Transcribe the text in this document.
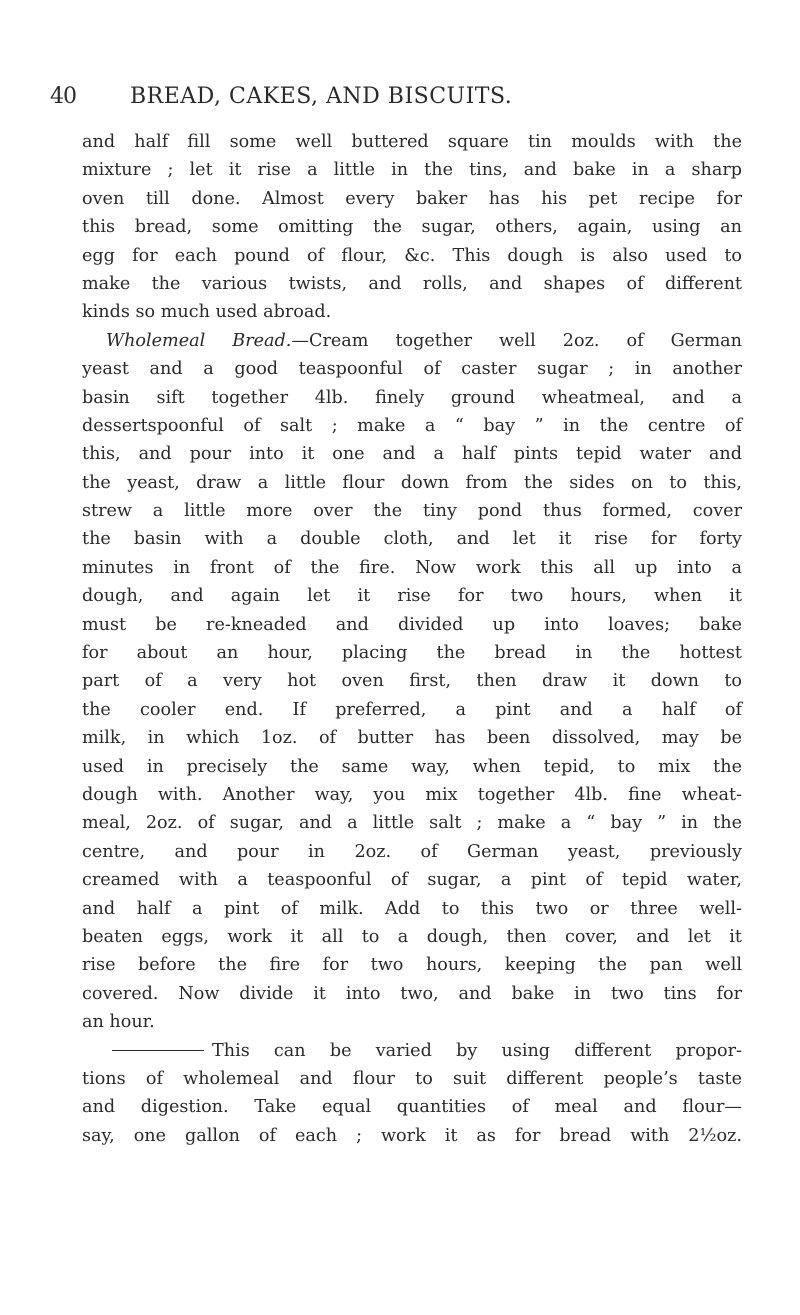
40 BREAD, CAKES, AND BISCUITS.
and half fill some well buttered square tin moulds with the
mixture ; let it rise a little in the tins, and bake in a sharp
oven till done. Almost every baker has his pet recipe for
this bread, some omitting the sugar, others, again, using an
egg for each pound of flour, &c. This dough is also used to
make the various twists, and rolls, and shapes of different
kinds so much used abroad.
Wholemeal Bread.—Cream together well 2oz. of German
yeast and a good teaspoonful of caster sugar ; in another
basin sift together 4lb. finely ground wheatmeal, and a
dessertspoonful of salt ; make a “ bay ” in the centre of
this, and pour into it one and a half pints tepid water and
the yeast, draw a little flour down from the sides on to this,
strew a little more over the tiny pond thus formed, cover
the basin with a double cloth, and let it rise for forty
minutes in front of the fire. Now work this all up into a
dough, and again let it rise for two hours, when it
must be re-kneaded and divided up into loaves; bake
for about an hour, placing the bread in the hottest
part of a very hot oven first, then draw it down to
the cooler end. If preferred, a pint and a half of
milk, in which 1oz. of butter has been dissolved, may be
used in precisely the same way, when tepid, to mix the
dough with. Another way, you mix together 4lb. fine wheat-
meal, 2oz. of sugar, and a little salt ; make a “ bay ” in the
centre, and pour in 2oz. of German yeast, previously
creamed with a teaspoonful of sugar, a pint of tepid water,
and half a pint of milk. Add to this two or three well-
beaten eggs, work it all to a dough, then cover, and let it
rise before the fire for two hours, keeping the pan well
covered. Now divide it into two, and bake in two tins for
an hour.
This can be varied by using different propor-
tions of wholemeal and flour to suit different people’s taste
and digestion. Take equal quantities of meal and flour—
say, one gallon of each ; work it as for bread with 2½oz.
